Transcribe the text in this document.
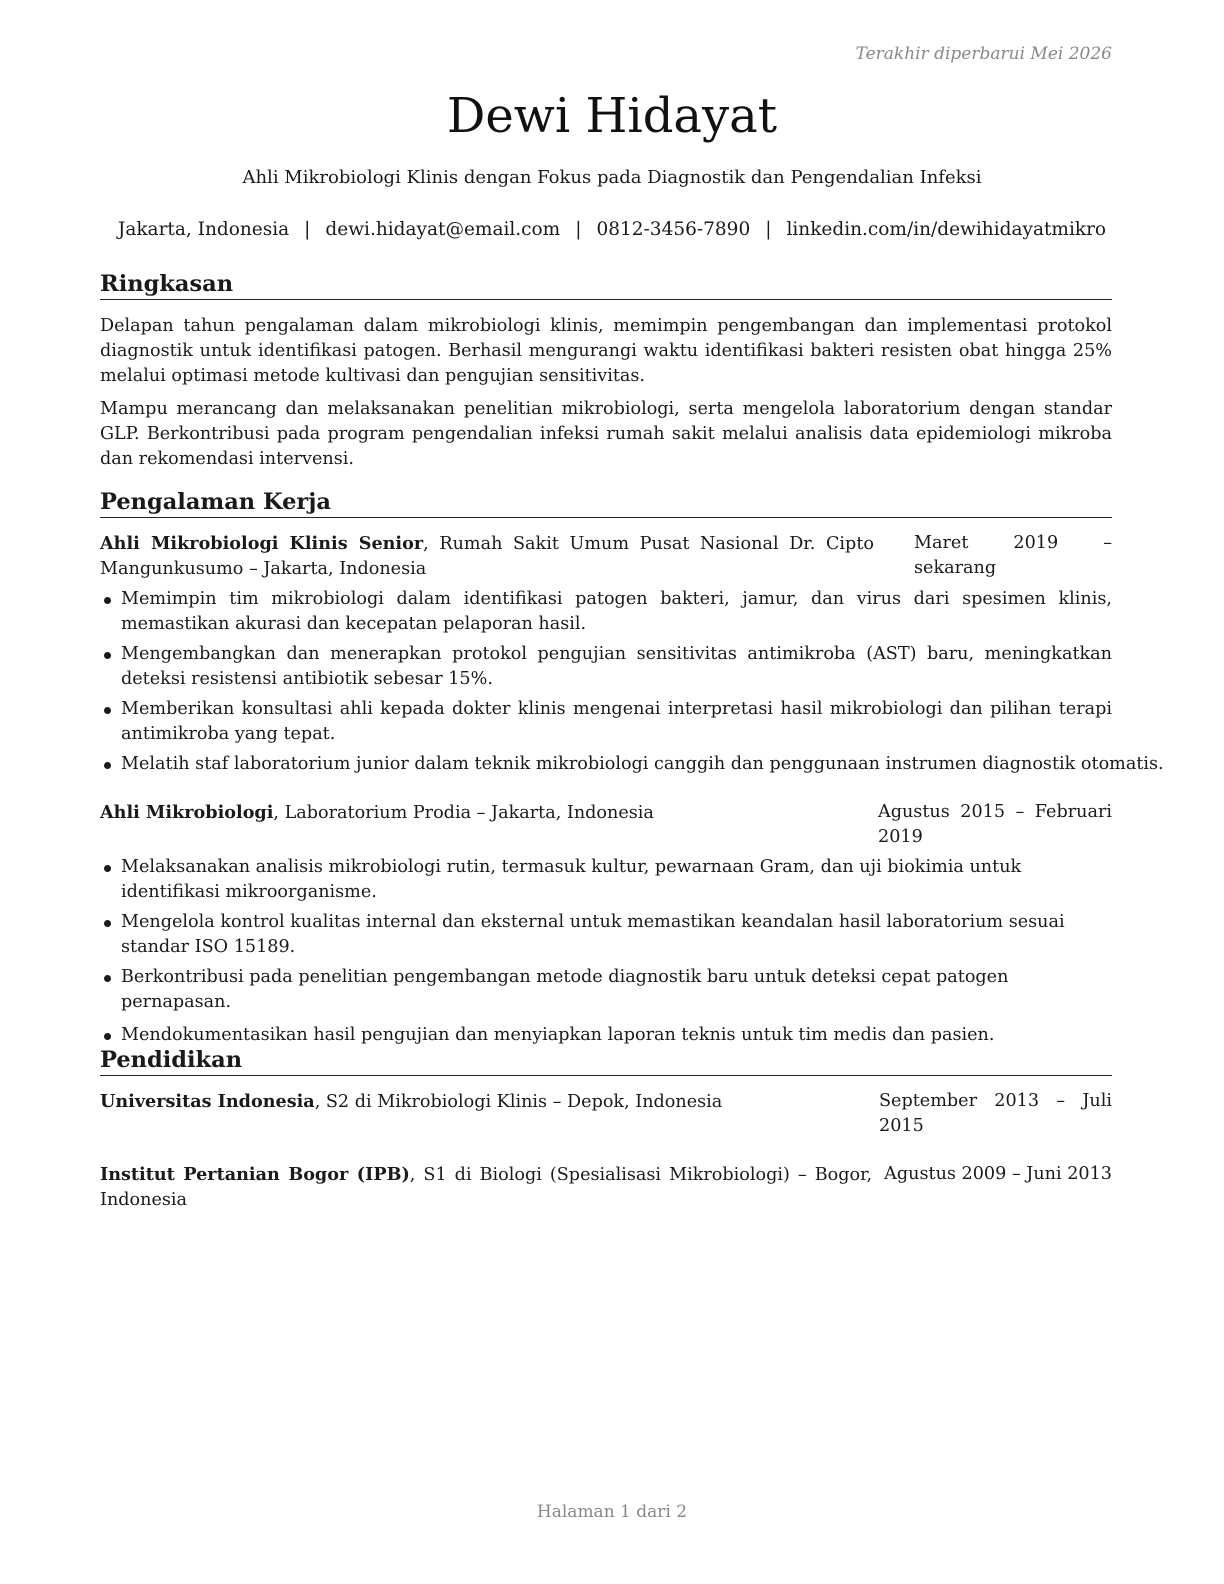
Terakhir diperbarui Mei 2026
Dewi Hidayat
Ahli Mikrobiologi Klinis dengan Fokus pada Diagnostik dan Pengendalian Infeksi
Jakarta, Indonesia | dewi.hidayat@email.com | 0812-3456-7890 | linkedin.com/in/dewihidayatmikro
Ringkasan

Delapan tahun pengalaman dalam mikrobiologi klinis, memimpin pengembangan dan implementasi protokol diagnostik untuk identifikasi patogen. Berhasil mengurangi waktu identifikasi bakteri resisten obat hingga 25% melalui optimasi metode kultivasi dan pengujian sensitivitas.

Mampu merancang dan melaksanakan penelitian mikrobiologi, serta mengelola laboratorium dengan standar GLP. Berkontribusi pada program pengendalian infeksi rumah sakit melalui analisis data epidemiologi mikroba dan rekomendasi intervensi.

Pengalaman Kerja
Ahli Mikrobiologi Klinis Senior, Rumah Sakit Umum Pusat Nasional Dr. Cipto Mangunkusumo – Jakarta, Indonesia
Maret 2019 – sekarang
Memimpin tim mikrobiologi dalam identifikasi patogen bakteri, jamur, dan virus dari spesimen klinis, memastikan akurasi dan kecepatan pelaporan hasil.
Mengembangkan dan menerapkan protokol pengujian sensitivitas antimikroba (AST) baru, meningkatkan deteksi resistensi antibiotik sebesar 15%.
Memberikan konsultasi ahli kepada dokter klinis mengenai interpretasi hasil mikrobiologi dan pilihan terapi antimikroba yang tepat.
Melatih staf laboratorium junior dalam teknik mikrobiologi canggih dan penggunaan instrumen diagnostik otomatis.
Ahli Mikrobiologi, Laboratorium Prodia – Jakarta, Indonesia	Agustus 2015 – Februari 2019
Melaksanakan analisis mikrobiologi rutin, termasuk kultur, pewarnaan Gram, dan uji biokimia untuk identifikasi mikroorganisme.
Mengelola kontrol kualitas internal dan eksternal untuk memastikan keandalan hasil laboratorium sesuai standar ISO 15189.
Berkontribusi pada penelitian pengembangan metode diagnostik baru untuk deteksi cepat patogen pernapasan.
Mendokumentasikan hasil pengujian dan menyiapkan laporan teknis untuk tim medis dan pasien.
Pendidikan
Universitas Indonesia, S2 di Mikrobiologi Klinis – Depok, Indonesia	September 2013 – Juli 2015
Institut Pertanian Bogor (IPB), S1 di Biologi (Spesialisasi Mikrobiologi) – Bogor, Indonesia
Agustus 2009 – Juni 2013
Halaman 1 dari 2
